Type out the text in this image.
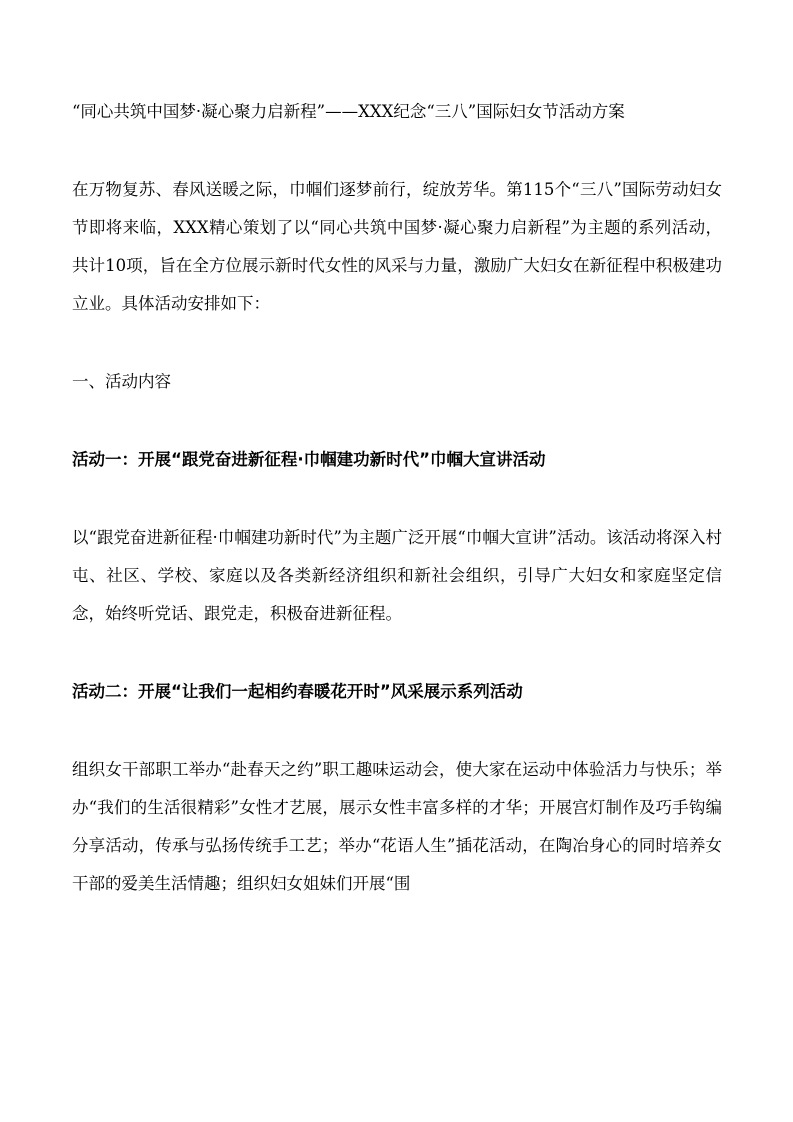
“同心共筑中国梦·凝心聚力启新程”——XXX纪念“三八”国际妇女节活动方案

在万物复苏、春风送暖之际，巾帼们逐梦前行，绽放芳华。第115个“三八”国际劳动妇女节即将来临，XXX精心策划了以“同心共筑中国梦·凝心聚力启新程”为主题的系列活动，共计10项，旨在全方位展示新时代女性的风采与力量，激励广大妇女在新征程中积极建功立业。具体活动安排如下：

一、活动内容

活动一：开展“跟党奋进新征程·巾帼建功新时代”巾帼大宣讲活动

以“跟党奋进新征程·巾帼建功新时代”为主题广泛开展“巾帼大宣讲”活动。该活动将深入村屯、社区、学校、家庭以及各类新经济组织和新社会组织，引导广大妇女和家庭坚定信念，始终听党话、跟党走，积极奋进新征程。

活动二：开展“让我们一起相约春暖花开时”风采展示系列活动

组织女干部职工举办“赴春天之约”职工趣味运动会，使大家在运动中体验活力与快乐；举办“我们的生活很精彩”女性才艺展，展示女性丰富多样的才华；开展宫灯制作及巧手钩编分享活动，传承与弘扬传统手工艺；举办“花语人生”插花活动，在陶冶身心的同时培养女干部的爱美生活情趣；组织妇女姐妹们开展“围
